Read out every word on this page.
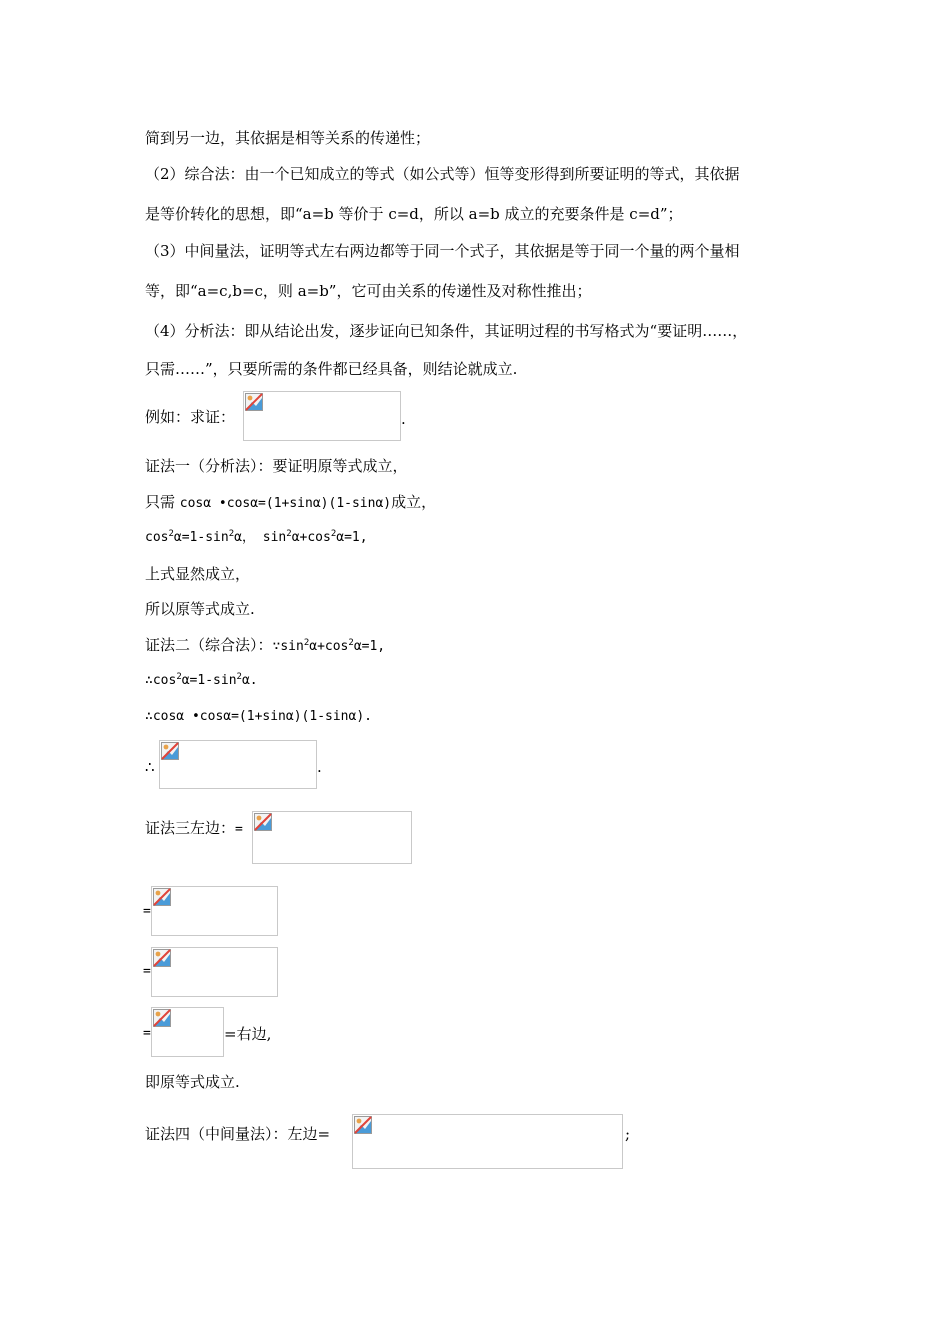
简到另一边，其依据是相等关系的传递性；
（2）综合法：由一个已知成立的等式（如公式等）恒等变形得到所要证明的等式，其依据
是等价转化的思想，即“a=b 等价于 c=d，所以 a=b 成立的充要条件是 c=d”；
（3）中间量法，证明等式左右两边都等于同一个式子，其依据是等于同一个量的两个量相
等，即“a=c,b=c，则 a=b”，它可由关系的传递性及对称性推出；
（4）分析法：即从结论出发，逐步证向已知条件，其证明过程的书写格式为“要证明……，
只需……”，只要所需的条件都已经具备，则结论就成立.
例如：求证：	.
证法一（分析法）：要证明原等式成立，
只需 cosα •cosα=(1+sinα)(1-sinα)成立，
$\cos^2\alpha=1-\sin^2\alpha$， $\sin^2\alpha+\cos^2\alpha=1$,
上式显然成立，
所以原等式成立.
证法二（综合法）：$\because\sin^2\alpha+\cos^2\alpha=1$,
$\therefore\cos^2\alpha=1-\sin^2\alpha$.
∴cosα •cosα=(1+sinα)(1-sinα).
∴	.
证法三左边：=
=
=
=	=右边,
即原等式成立.
证法四（中间量法）：左边=	;
